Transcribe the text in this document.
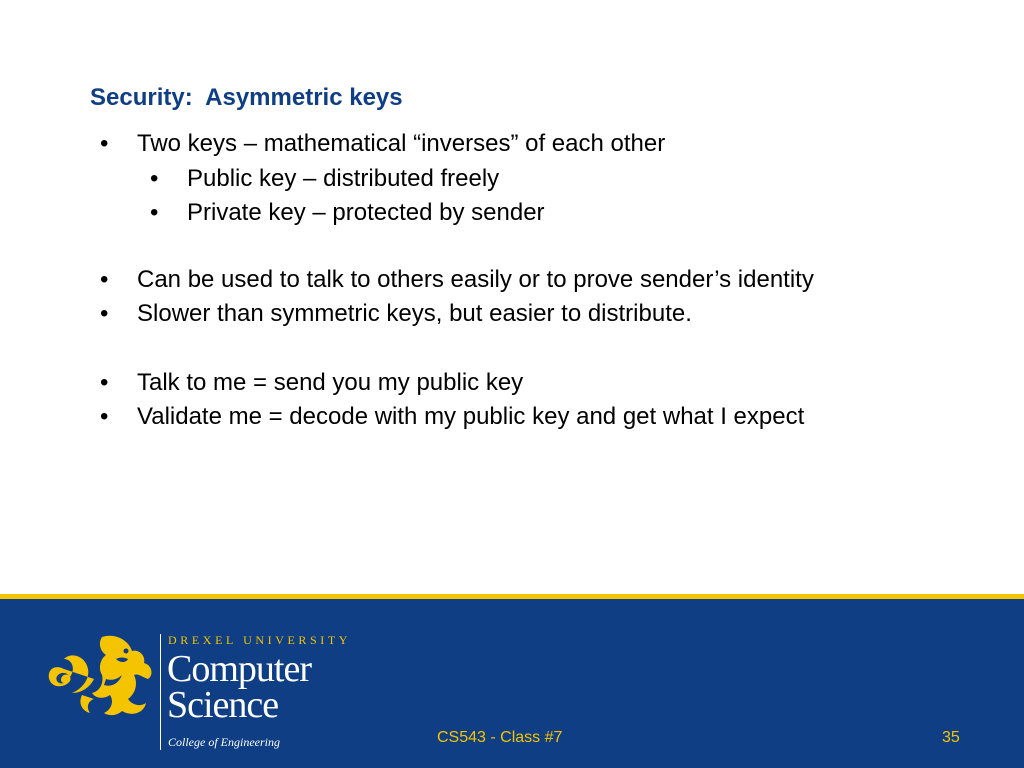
Security:  Asymmetric keys
• Two keys – mathematical “inverses” of each other
• Public key – distributed freely
• Private key – protected by sender
• Can be used to talk to others easily or to prove sender’s identity
• Slower than symmetric keys, but easier to distribute.
• Talk to me = send you my public key
• Validate me = decode with my public key and get what I expect
DREXEL UNIVERSITY
Computer
Science
College of Engineering	CS543 - Class #7	35
